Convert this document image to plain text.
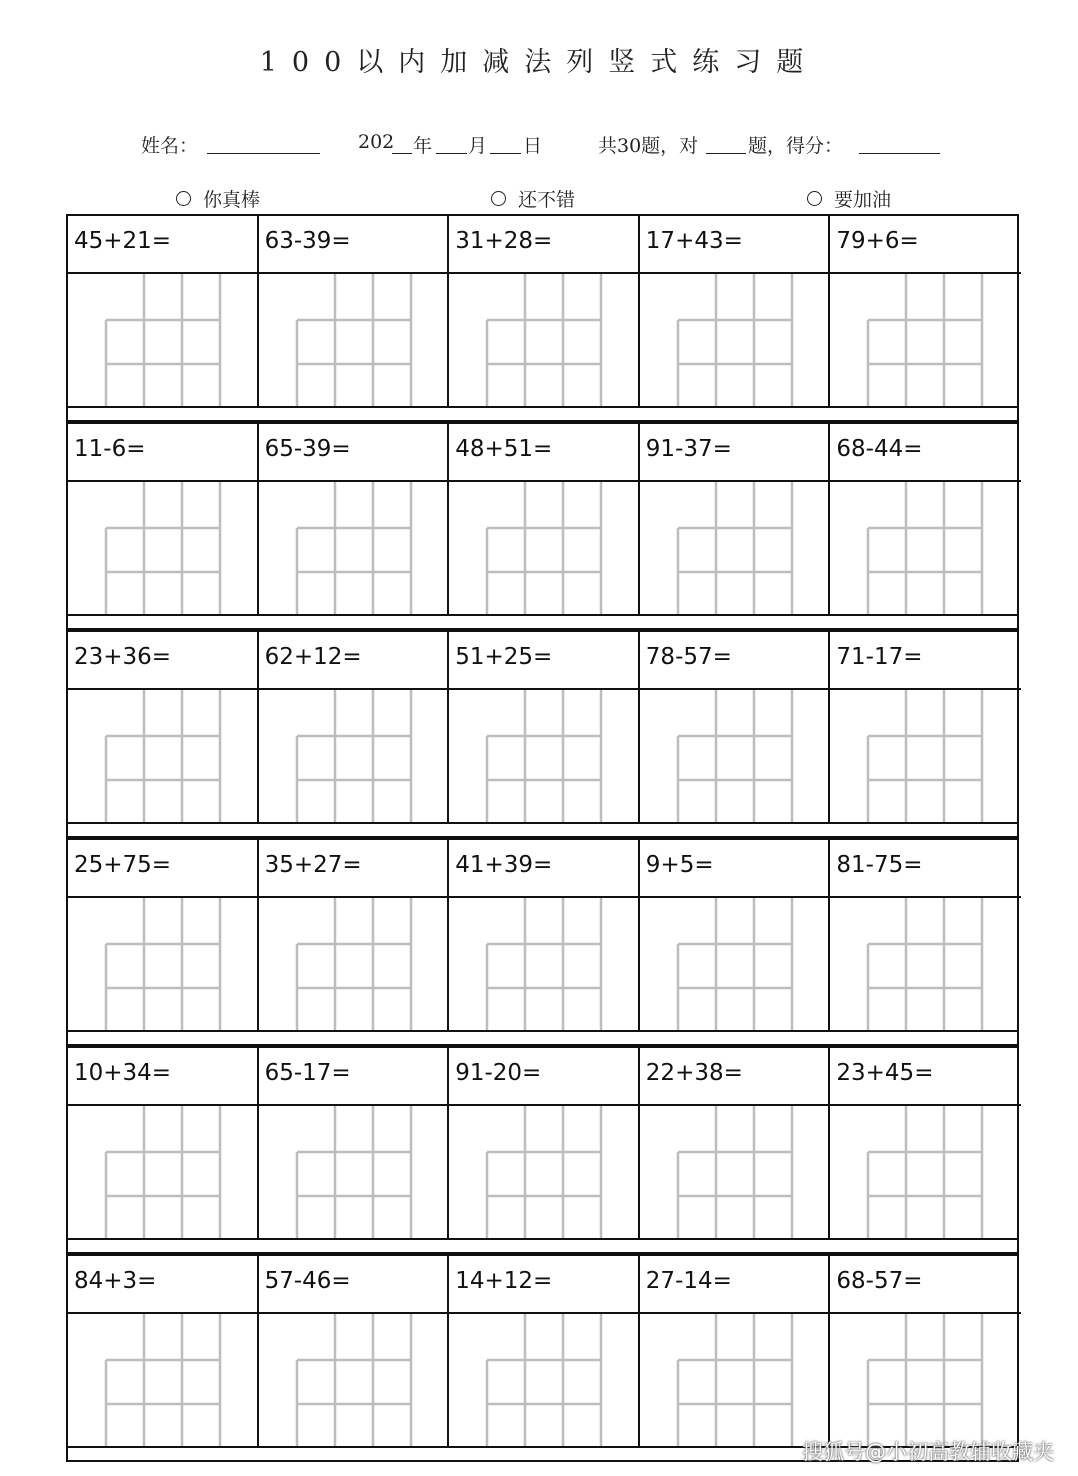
100以内加减法列竖式练习题
姓名：	202 年 月 日	共30题，对	题，得分：
你真棒	还不错	要加油
45+21=	63-39=	31+28=	17+43=	79+6=
11-6=	65-39=	48+51=	91-37=	68-44=
23+36=	62+12=	51+25=	78-57=	71-17=
25+75=	35+27=	41+39=	9+5=	81-75=
10+34=	65-17=	91-20=	22+38=	23+45=
84+3=	57-46=	14+12=	27-14=	68-57=
搜狐号@小初高教辅收藏夹
